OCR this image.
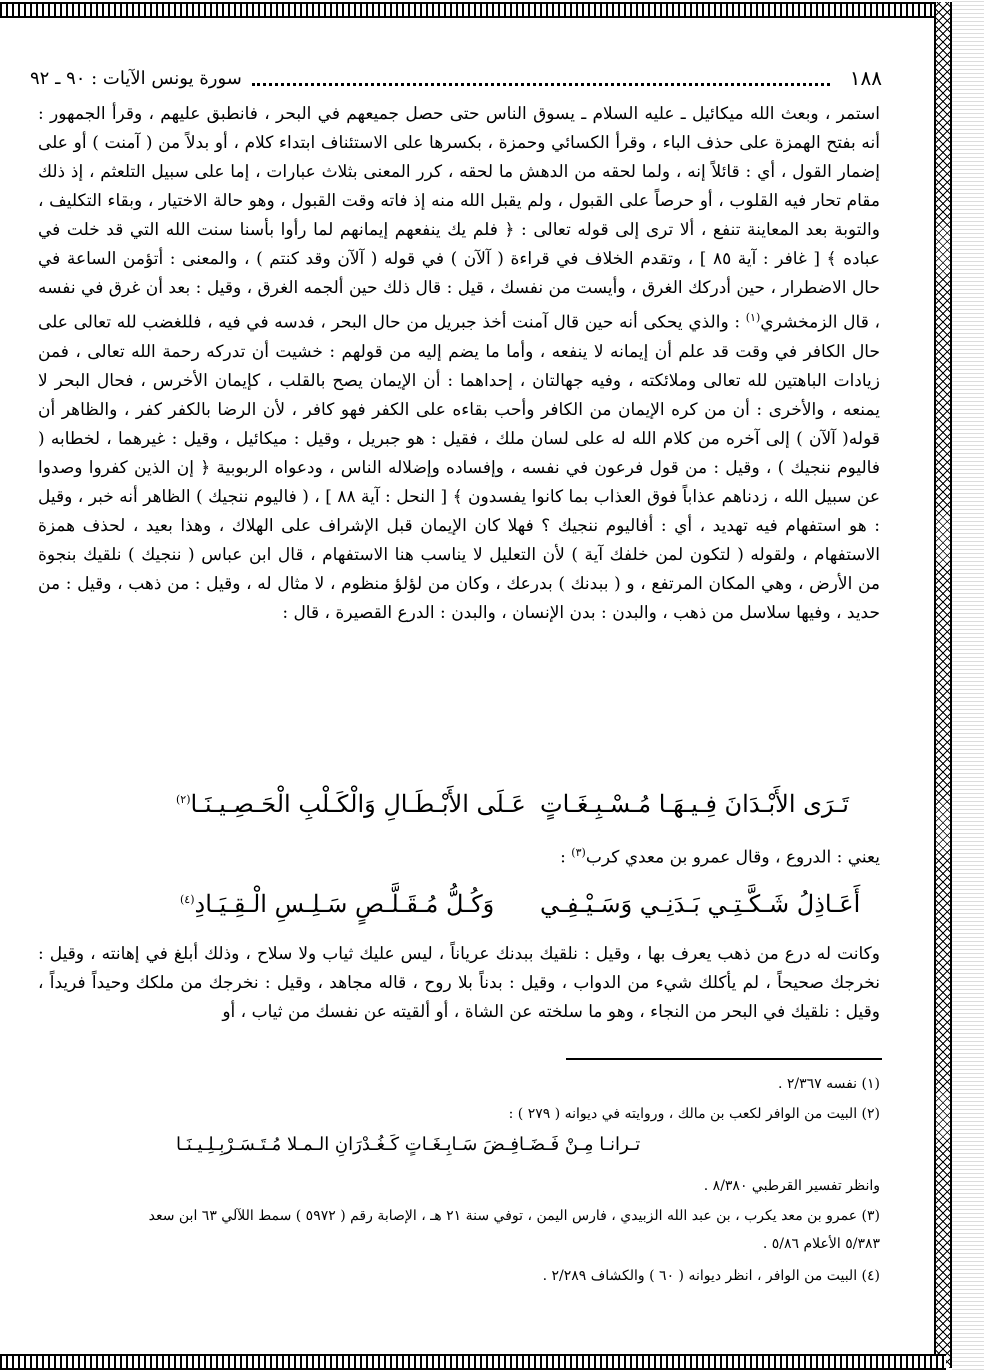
١٨٨
سورة يونس الآيات : ٩٠ ـ ٩٢
استمر ، وبعث الله ميكائيل ـ عليه السلام ـ يسوق الناس حتى حصل جميعهم في البحر ، فانطبق عليهم ، وقرأ الجمهور : أنه بفتح الهمزة على حذف الباء ، وقرأ الكسائي وحمزة ، بكسرها على الاستئناف ابتداء كلام ، أو بدلاً من ( آمنت ) أو على إضمار القول ، أي : قائلاً إنه ، ولما لحقه من الدهش ما لحقه ، كرر المعنى بثلاث عبارات ، إما على سبيل التلعثم ، إذ ذلك مقام تحار فيه القلوب ، أو حرصاً على القبول ، ولم يقبل الله منه إذ فاته وقت القبول ، وهو حالة الاختيار ، وبقاء التكليف ، والتوبة بعد المعاينة تنفع ، ألا ترى إلى قوله تعالى : ﴿ فلم يك ينفعهم إيمانهم لما رأوا بأسنا سنت الله التي قد خلت في عباده ﴾ [ غافر : آية ٨٥ ] ، وتقدم الخلاف في قراءة ( آلآن ) في قوله ( آلآن وقد كنتم ) ، والمعنى : أتؤمن الساعة في حال الاضطرار ، حين أدركك الغرق ، وأيست من نفسك ، قيل : قال ذلك حين ألجمه الغرق ، وقيل : بعد أن غرق في نفسه ، قال الزمخشري$^{(١)}$ : والذي يحكى أنه حين قال آمنت أخذ جبريل من حال البحر ، فدسه في فيه ، فللغضب لله تعالى على حال الكافر في وقت قد علم أن إيمانه لا ينفعه ، وأما ما يضم إليه من قولهم : خشيت أن تدركه رحمة الله تعالى ، فمن زيادات الباهتين لله تعالى وملائكته ، وفيه جهالتان ، إحداهما : أن الإيمان يصح بالقلب ، كإيمان الأخرس ، فحال البحر لا يمنعه ، والأخرى : أن من كره الإيمان من الكافر وأحب بقاءه على الكفر فهو كافر ، لأن الرضا بالكفر كفر ، والظاهر أن قوله( آلآن ) إلى آخره من كلام الله له على لسان ملك ، فقيل : هو جبريل ، وقيل : ميكائيل ، وقيل : غيرهما ، لخطابه ( فاليوم ننجيك ) ، وقيل : من قول فرعون في نفسه ، وإفساده وإضلاله الناس ، ودعواه الربوبية ﴿ إن الذين كفروا وصدوا عن سبيل الله ، زدناهم عذاباً فوق العذاب بما كانوا يفسدون ﴾ [ النحل : آية ٨٨ ] ، ( فاليوم ننجيك ) الظاهر أنه خبر ، وقيل : هو استفهام فيه تهديد ، أي : أفاليوم ننجيك ؟ فهلا كان الإيمان قبل الإشراف على الهلاك ، وهذا بعيد ، لحذف همزة الاستفهام ، ولقوله ( لتكون لمن خلفك آية ) لأن التعليل لا يناسب هنا الاستفهام ، قال ابن عباس ( ننجيك ) نلقيك بنجوة من الأرض ، وهي المكان المرتفع ، و ( ببدنك ) بدرعك ، وكان من لؤلؤ منظوم ، لا مثال له ، وقيل : من ذهب ، وقيل : من حديد ، وفيها سلاسل من ذهب ، والبدن : بدن الإنسان ، والبدن : الدرع القصيرة ، قال :
عَـلَى الأَبْـطَـالِ وَالْكَـلْبِ الْحَـصِـيـنَـا$^{(٢)}$	تَـرَى الأَبْـدَانَ فِـيـهَـا مُـسْـبِـغَـاتٍ
يعني : الدروع ، وقال عمرو بن معدي كرب$^{(٣)}$ :
وَكُـلُّ مُـقَـلَّـصٍ سَـلِـسِ الْـقِـيَـادِ$^{(٤)}$	أَعَـاذِلُ شَـكَّـتِـي بَـدَنِـي وَسَـيْـفِـي
وكانت له درع من ذهب يعرف بها ، وقيل : نلقيك ببدنك عرياناً ، ليس عليك ثياب ولا سلاح ، وذلك أبلغ في إهانته ، وقيل : نخرجك صحيحاً ، لم يأكلك شيء من الدواب ، وقيل : بدناً بلا روح ، قاله مجاهد ، وقيل : نخرجك من ملكك وحيداً فريداً ، وقيل : نلقيك في البحر من النجاء ، وهو ما سلخته عن الشاة ، أو ألقيته عن نفسك من ثياب ، أو
(١) نفسه ٢/٣٦٧ .
(٢) البيت من الوافر لكعب بن مالك ، وروايته في ديوانه ( ٢٧٩ ) :
تـرانـا مِـنْ فَـضَـافِـضَ سَـابِـغَـاتٍ كَـغُـدْرَانِ الـمـلا مُـتَـسَـرْبِـلِـيـنَـا
وانظر تفسير القرطبي ٨/٣٨٠ .
(٣) عمرو بن معد يكرب ، بن عبد الله الزبيدي ، فارس اليمن ، توفي سنة ٢١ هـ ، الإصابة رقم ( ٥٩٧٢ ) سمط اللآلي ٦٣ ابن سعد
٥/٣٨٣ الأعلام ٥/٨٦ .
(٤) البيت من الوافر ، انظر ديوانه ( ٦٠ ) والكشاف ٢/٢٨٩ .
